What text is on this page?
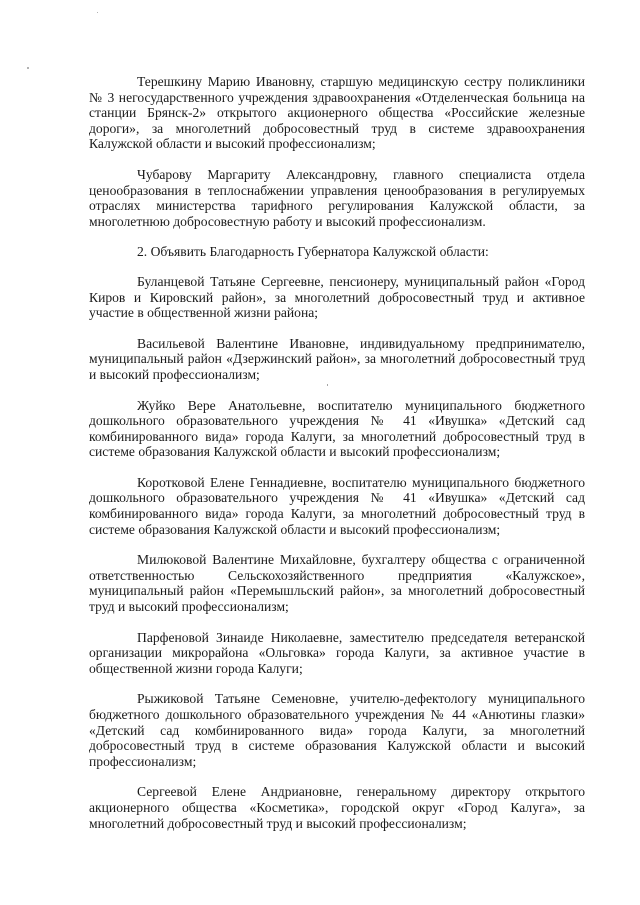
Терешкину Марию Ивановну, старшую медицинскую сестру поликлиники № 3 негосударственного учреждения здравоохранения «Отделенческая больница на станции Брянск-2» открытого акционерного общества «Российские железные дороги», за многолетний добросовестный труд в системе здравоохранения Калужской области и высокий профессионализм;

Чубарову Маргариту Александровну, главного специалиста отдела ценообразования в теплоснабжении управления ценообразования в регулируемых отраслях министерства тарифного регулирования Калужской области, за многолетнюю добросовестную работу и высокий профессионализм.

2. Объявить Благодарность Губернатора Калужской области:

Буланцевой Татьяне Сергеевне, пенсионеру, муниципальный район «Город Киров и Кировский район», за многолетний добросовестный труд и активное участие в общественной жизни района;

Васильевой Валентине Ивановне, индивидуальному предпринимателю, муниципальный район «Дзержинский район», за многолетний добросовестный труд и высокий профессионализм;

Жуйко Вере Анатольевне, воспитателю муниципального бюджетного дошкольного образовательного учреждения № 41 «Ивушка» «Детский сад комбинированного вида» города Калуги, за многолетний добросовестный труд в системе образования Калужской области и высокий профессионализм;

Коротковой Елене Геннадиевне, воспитателю муниципального бюджетного дошкольного образовательного учреждения № 41 «Ивушка» «Детский сад комбинированного вида» города Калуги, за многолетний добросовестный труд в системе образования Калужской области и высокий профессионализм;

Милюковой Валентине Михайловне, бухгалтеру общества с ограниченной ответственностью Сельскохозяйственного предприятия «Калужское», муниципальный район «Перемышльский район», за многолетний добросовестный труд и высокий профессионализм;

Парфеновой Зинаиде Николаевне, заместителю председателя ветеранской организации микрорайона «Ольговка» города Калуги, за активное участие в общественной жизни города Калуги;

Рыжиковой Татьяне Семеновне, учителю-дефектологу муниципального бюджетного дошкольного образовательного учреждения № 44 «Анютины глазки» «Детский сад комбинированного вида» города Калуги, за многолетний добросовестный труд в системе образования Калужской области и высокий профессионализм;

Сергеевой Елене Андриановне, генеральному директору открытого акционерного общества «Косметика», городской округ «Город Калуга», за многолетний добросовестный труд и высокий профессионализм;
